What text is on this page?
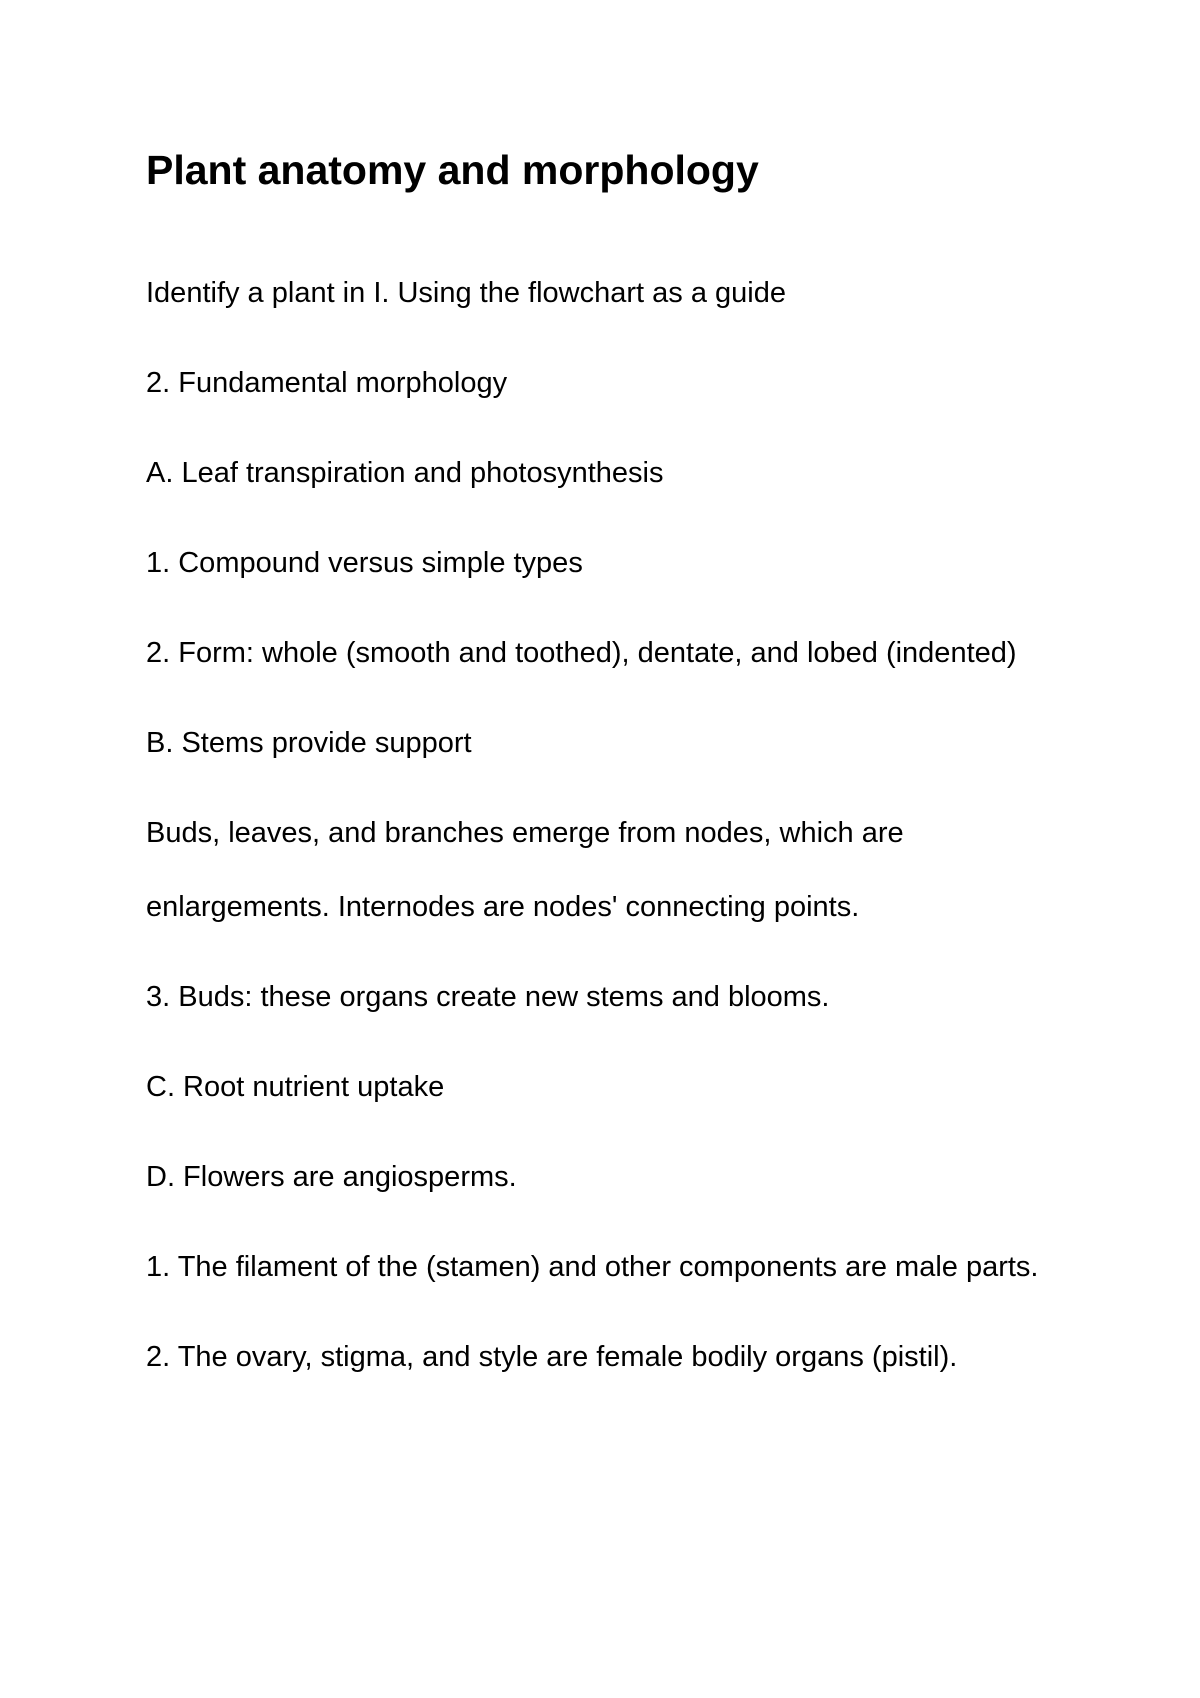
Plant anatomy and morphology

Identify a plant in I. Using the flowchart as a guide

2. Fundamental morphology

A. Leaf transpiration and photosynthesis

1. Compound versus simple types

2. Form: whole (smooth and toothed), dentate, and lobed (indented)

B. Stems provide support

Buds, leaves, and branches emerge from nodes, which are enlargements. Internodes are nodes' connecting points.

3. Buds: these organs create new stems and blooms.

C. Root nutrient uptake

D. Flowers are angiosperms.

1. The filament of the (stamen) and other components are male parts.

2. The ovary, stigma, and style are female bodily organs (pistil).
